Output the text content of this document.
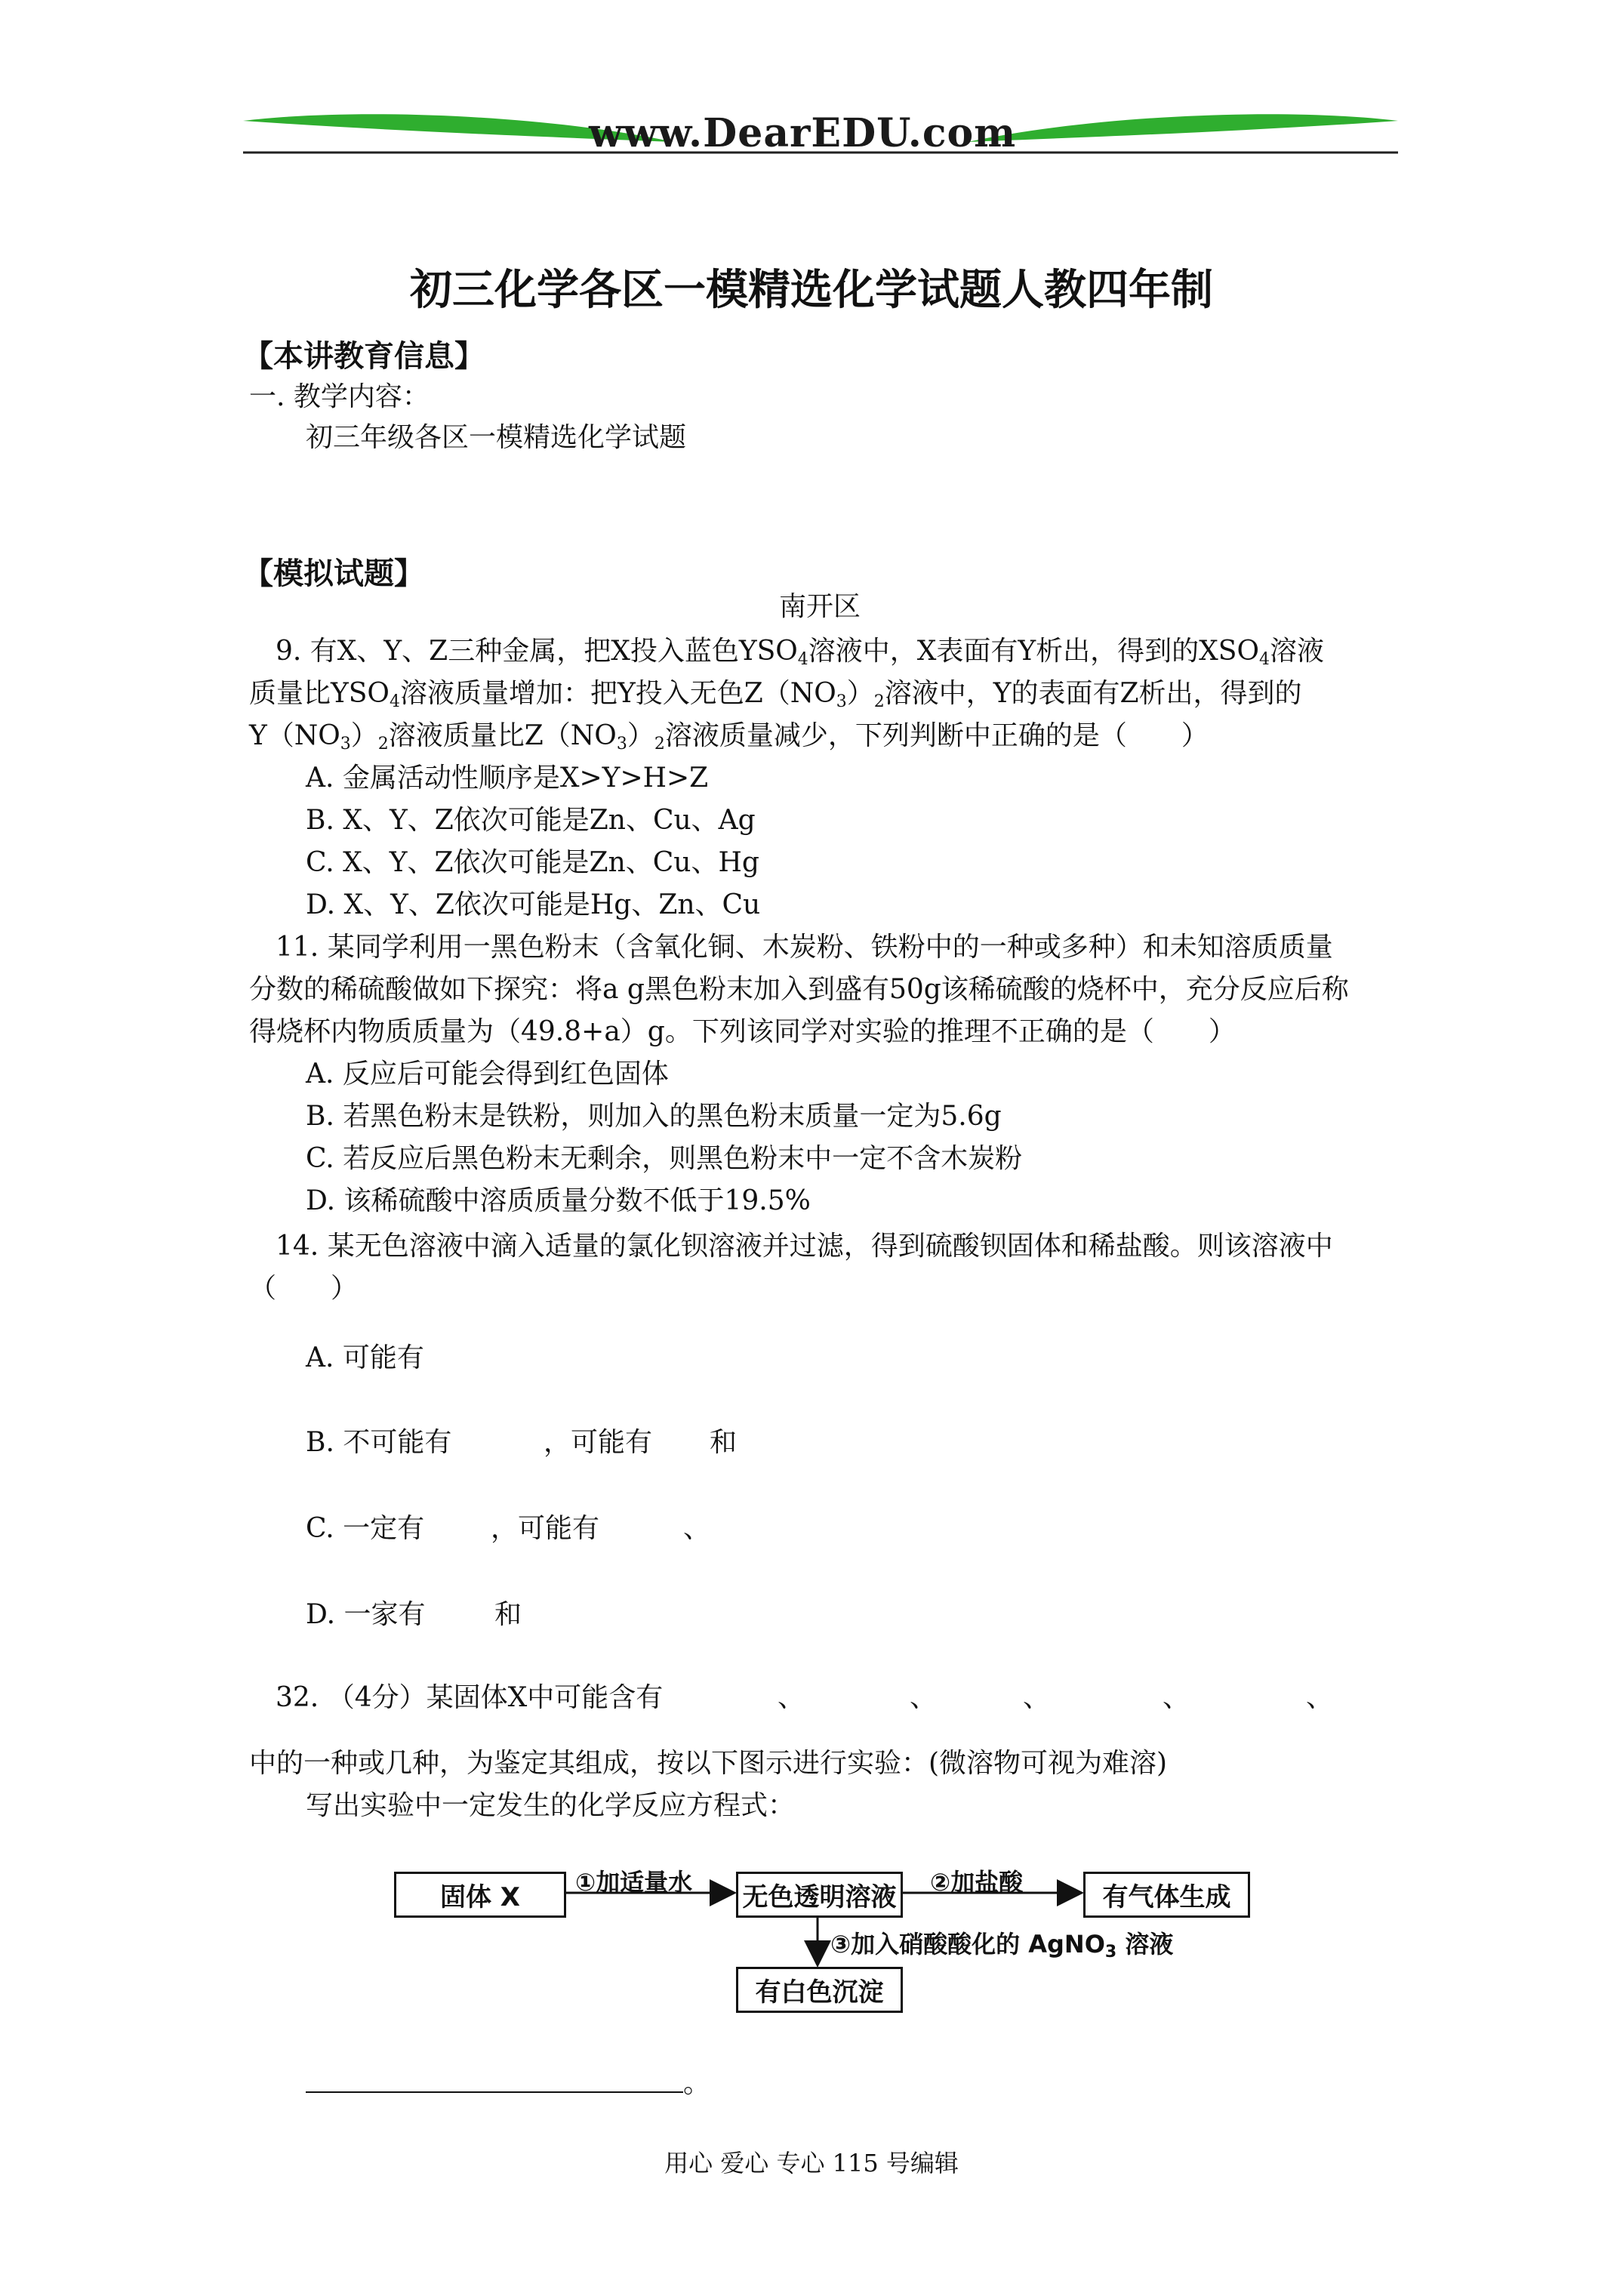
www.DearEDU.com
初三化学各区一模精选化学试题人教四年制
【本讲教育信息】
一. 教学内容：
初三年级各区一模精选化学试题
【模拟试题】
南开区
9. 有X、Y、Z三种金属，把X投入蓝色$YSO_4$溶液中，X表面有Y析出，得到的$XSO_4$溶液
质量比$YSO_4$溶液质量增加：把Y投入无色$Z(NO_3)_2$溶液中，Y的表面有Z析出，得到的
$Y(NO_3)_2$溶液质量比$Z(NO_3)_2$溶液质量减少，下列判断中正确的是（　　）
A. 金属活动性顺序是X>Y>H>Z
B. X、Y、Z依次可能是Zn、Cu、Ag
C. X、Y、Z依次可能是Zn、Cu、Hg
D. X、Y、Z依次可能是Hg、Zn、Cu
11. 某同学利用一黑色粉末（含氧化铜、木炭粉、铁粉中的一种或多种）和未知溶质质量
分数的稀硫酸做如下探究：将a g黑色粉末加入到盛有50g该稀硫酸的烧杯中，充分反应后称
得烧杯内物质质量为（49.8+a）g。下列该同学对实验的推理不正确的是（　　）
A. 反应后可能会得到红色固体
B. 若黑色粉末是铁粉，则加入的黑色粉末质量一定为5.6g
C. 若反应后黑色粉末无剩余，则黑色粉末中一定不含木炭粉
D. 该稀硫酸中溶质质量分数不低于19.5%
14. 某无色溶液中滴入适量的氯化钡溶液并过滤，得到硫酸钡固体和稀盐酸。则该溶液中
（　　）
A. 可能有
B. 不可能有	，可能有 和
C. 一定有 ，可能有	、
D. 一家有	和
32. （4分）某固体X中可能含有	、	、	、	、	、
中的一种或几种，为鉴定其组成，按以下图示进行实验：(微溶物可视为难溶)
写出实验中一定发生的化学反应方程式：
固体 X	①加适量水 无色透明溶液 ②加盐酸	有气体生成
③加入硝酸酸化的 AgNO$_3$ 溶液
有白色沉淀
。
用心 爱心 专心 115 号编辑
